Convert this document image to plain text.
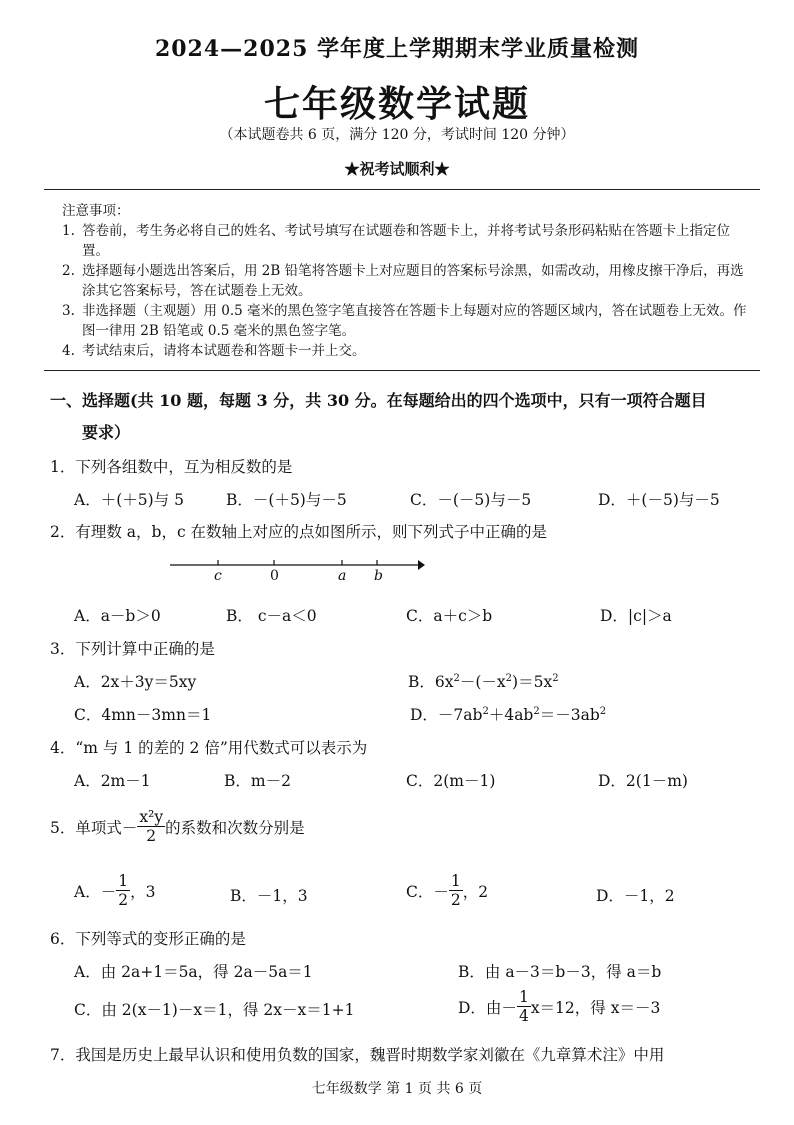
2024—2025 学年度上学期期末学业质量检测
七年级数学试题
（本试题卷共 6 页，满分 120 分，考试时间 120 分钟）
★祝考试顺利★
注意事项：
1. 答卷前，考生务必将自己的姓名、考试号填写在试题卷和答题卡上，并将考试号条形码粘贴在答题卡上指定位置。
2. 选择题每小题选出答案后，用 2B 铅笔将答题卡上对应题目的答案标号涂黑，如需改动，用橡皮擦干净后，再选涂其它答案标号，答在试题卷上无效。
3. 非选择题（主观题）用 0.5 毫米的黑色签字笔直接答在答题卡上每题对应的答题区域内，答在试题卷上无效。作图一律用 2B 铅笔或 0.5 毫米的黑色签字笔。
4. 考试结束后，请将本试题卷和答题卡一并上交。
一、选择题(共 10 题，每题 3 分，共 30 分。在每题给出的四个选项中，只有一项符合题目
要求）
1．下列各组数中，互为相反数的是
A．＋(＋5)与 5	B．－(＋5)与－5	C．－(－5)与－5	D．＋(－5)与－5
2．有理数 a，b，c 在数轴上对应的点如图所示，则下列式子中正确的是
c	0	a b
A．a－b＞0	B． c－a＜0	C．a＋c＞b	D．|c|＞a
3．下列计算中正确的是
A．2x＋3y＝5xy	B．$6x^2-(-x^2)=5x^2$
C．4mn－3mn＝1	D．$-7ab^2+4ab^2=-3ab^2$
4．“m 与 1 的差的 2 倍”用代数式可以表示为
A．2m－1	B．m－2	C．2(m－1)	D．2(1－m)
5．单项式－ $\frac{\text{x²y}}{2}$ 的系数和次数分别是
A．－ $\frac{1}{2}$ ，3	B．－1，3	C．－ $\frac{1}{2}$ ，2	D．－1，2
6．下列等式的变形正确的是
A．由 2a+1＝5a，得 2a－5a＝1	B．由 a－3＝b－3，得 a＝b
C．由 2(x－1)－x＝1，得 2x－x＝1+1	D．由－ $\frac{1}{4} x=12$，得 x＝－3
7．我国是历史上最早认识和使用负数的国家，魏晋时期数学家刘徽在《九章算术注》中用
七年级数学 第 1 页 共 6 页
